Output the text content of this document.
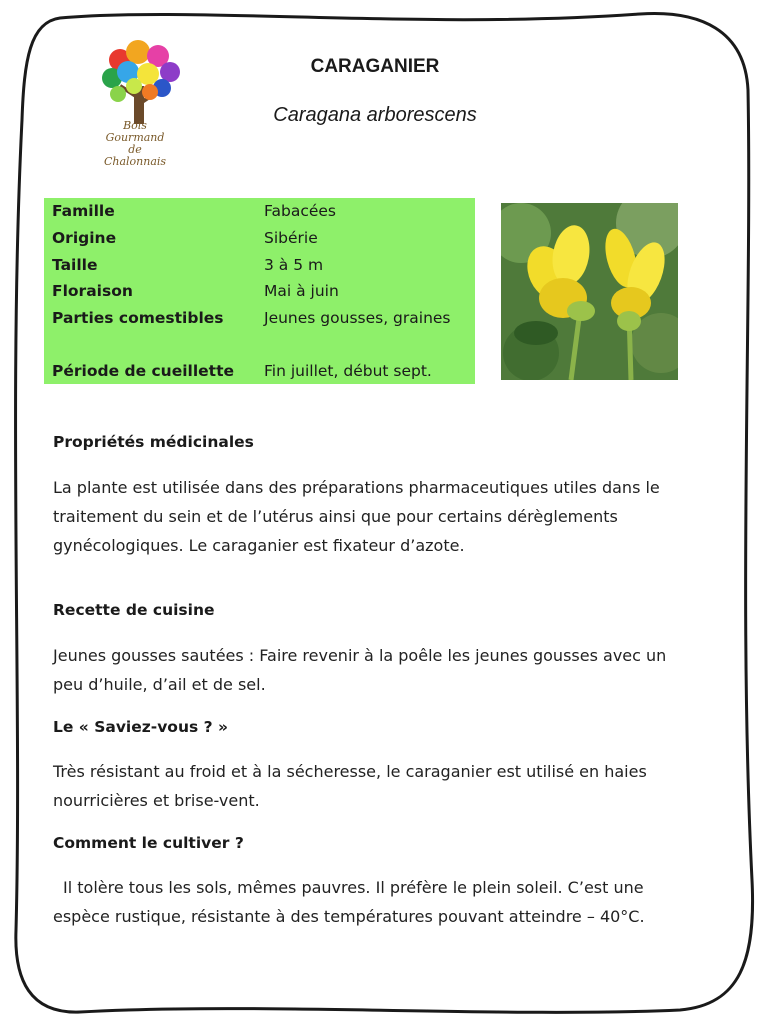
Bois Gourmand
de
Chalonnais
CARAGANIER
Caragana arborescens
Famille	Fabacées
Origine	Sibérie
Taille	3 à 5 m
Floraison	Mai à juin
Parties comestibles	Jeunes gousses, graines
Période de cueillette	Fin juillet, début sept.
Propriétés médicinales
La plante est utilisée dans des préparations pharmaceutiques utiles dans le
traitement du sein et de l’utérus ainsi que pour certains dérèglements
gynécologiques. Le caraganier est fixateur d’azote.
Recette de cuisine
Jeunes gousses sautées : Faire revenir à la poêle les jeunes gousses avec un
peu d’huile, d’ail et de sel.
Le « Saviez-vous ? »
Très résistant au froid et à la sécheresse, le caraganier est utilisé en haies
nourricières et brise-vent.
Comment le cultiver ?
Il tolère tous les sols, mêmes pauvres. Il préfère le plein soleil. C’est une
espèce rustique, résistante à des températures pouvant atteindre – 40°C.
